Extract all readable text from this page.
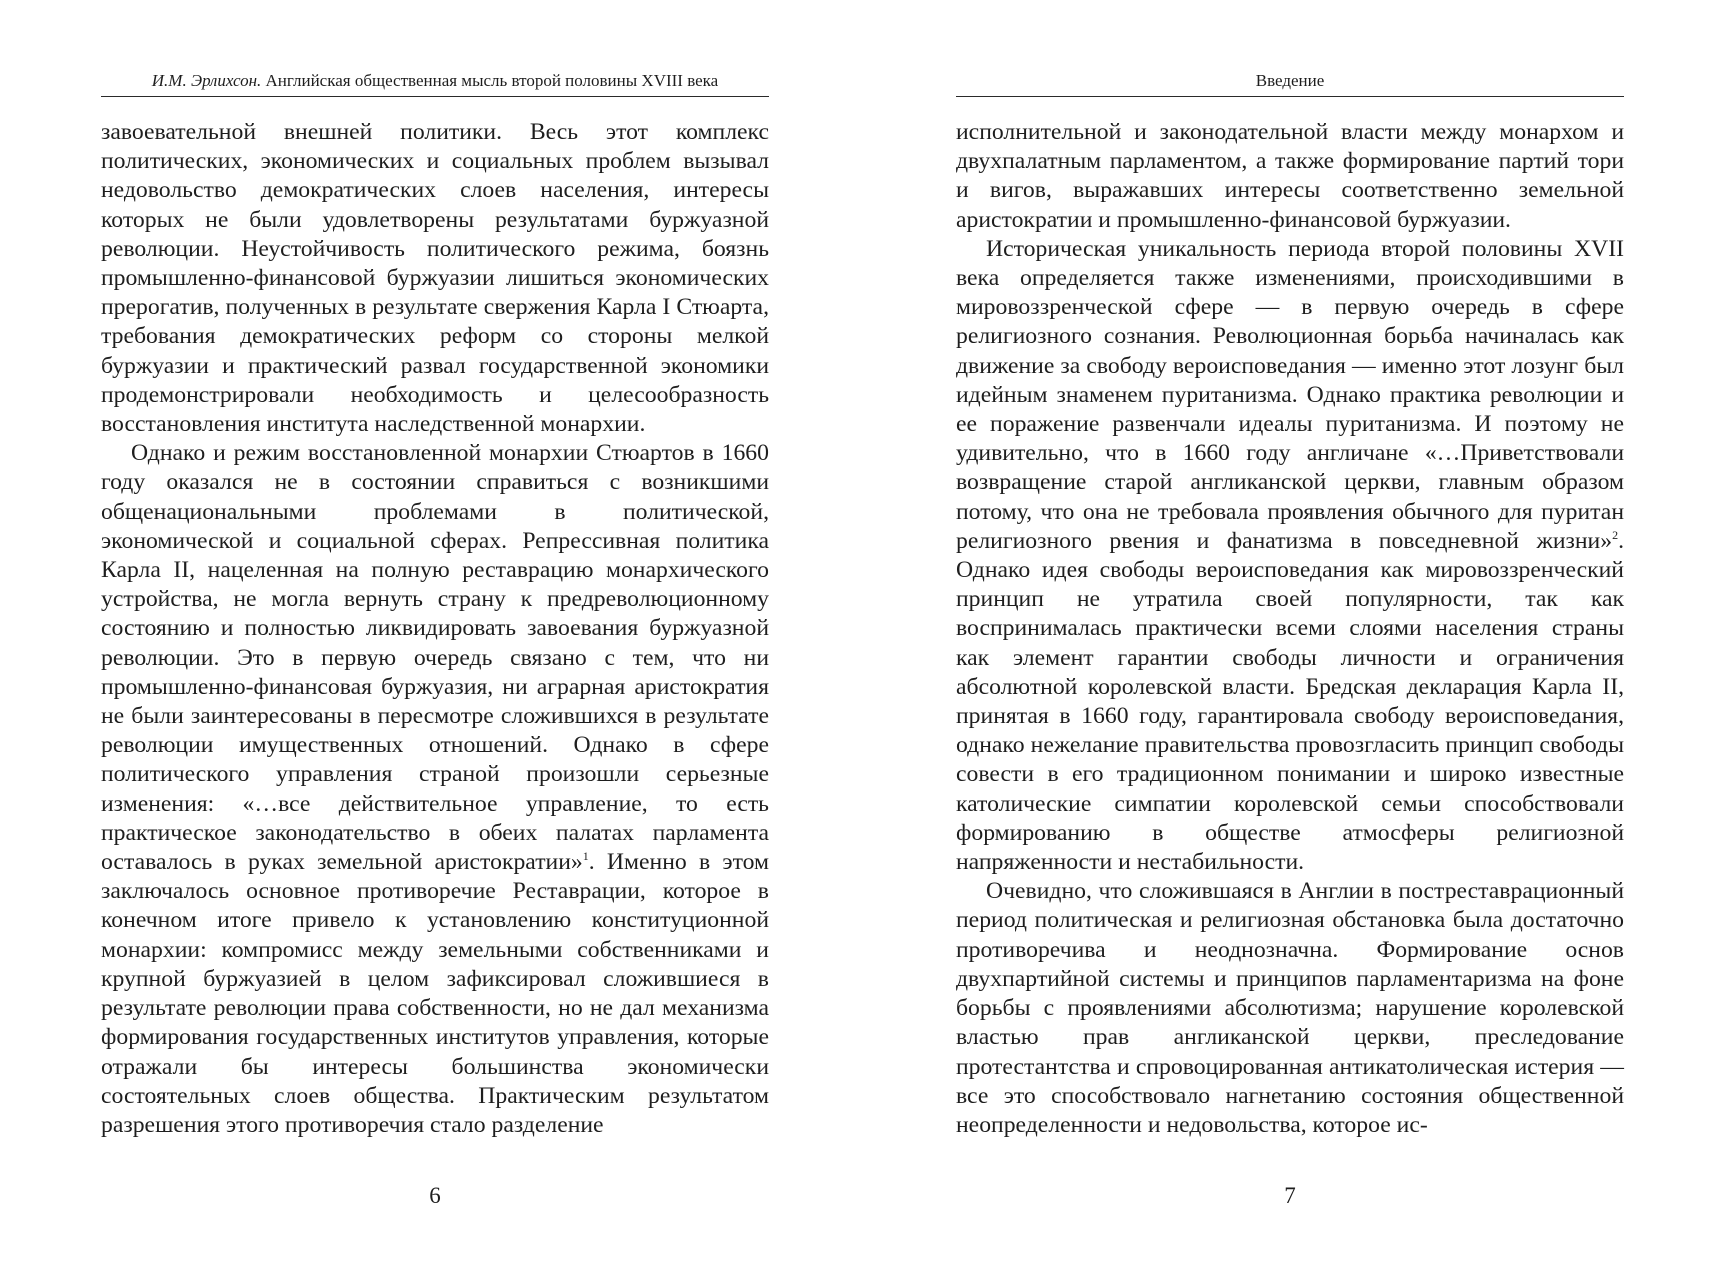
И.М. Эрлихсон. Английская общественная мысль второй половины XVIII века

завоевательной внешней политики. Весь этот комплекс политических, экономических и социальных проблем вызывал недовольство демократических слоев населения, интересы которых не были удовлетворены результатами буржуазной революции. Неустойчивость политического режима, боязнь промышленно-финансовой буржуазии лишиться экономических прерогатив, полученных в результате свержения Карла I Стюарта, требования демократических реформ со стороны мелкой буржуазии и практический развал государственной экономики продемонстрировали необходимость и целесообразность восстановления института наследственной монархии.

Однако и режим восстановленной монархии Стюартов в 1660 году оказался не в состоянии справиться с возникшими общенациональными проблемами в политической, экономической и социальной сферах. Репрессивная политика Карла II, нацеленная на полную реставрацию монархического устройства, не могла вернуть страну к предреволюционному состоянию и полностью ликвидировать завоевания буржуазной революции. Это в первую очередь связано с тем, что ни промышленно-финансовая буржуазия, ни аграрная аристократия не были заинтересованы в пересмотре сложившихся в результате революции имущественных отношений. Однако в сфере политического управления страной произошли серьезные изменения: «…все действительное управление, то есть практическое законодательство в обеих палатах парламента оставалось в руках земельной аристократии»$^1$. Именно в этом заключалось основное противоречие Реставрации, которое в конечном итоге привело к установлению конституционной монархии: компромисс между земельными собственниками и крупной буржуазией в целом зафиксировал сложившиеся в результате революции права собственности, но не дал механизма формирования государственных институтов управления, которые отражали бы интересы большинства экономически состоятельных слоев общества. Практическим результатом разрешения этого противоречия стало разделение

6
Введение

исполнительной и законодательной власти между монархом и двухпалатным парламентом, а также формирование партий тори и вигов, выражавших интересы соответственно земельной аристократии и промышленно-финансовой буржуазии.

Историческая уникальность периода второй половины XVII века определяется также изменениями, происходившими в мировоззренческой сфере — в первую очередь в сфере религиозного сознания. Революционная борьба начиналась как движение за свободу вероисповедания — именно этот лозунг был идейным знаменем пуританизма. Однако практика революции и ее поражение развенчали идеалы пуританизма. И поэтому не удивительно, что в 1660 году англичане «…Приветствовали возвращение старой англиканской церкви, главным образом потому, что она не требовала проявления обычного для пуритан религиозного рвения и фанатизма в повседневной жизни»$^2$. Однако идея свободы вероисповедания как мировоззренческий принцип не утратила своей популярности, так как воспринималась практически всеми слоями населения страны как элемент гарантии свободы личности и ограничения абсолютной королевской власти. Бредская декларация Карла II, принятая в 1660 году, гарантировала свободу вероисповедания, однако нежелание правительства провозгласить принцип свободы совести в его традиционном понимании и широко известные католические симпатии королевской семьи способствовали формированию в обществе атмосферы религиозной напряженности и нестабильности.

Очевидно, что сложившаяся в Англии в постреставрационный период политическая и религиозная обстановка была достаточно противоречива и неоднозначна. Формирование основ двухпартийной системы и принципов парламентаризма на фоне борьбы с проявлениями абсолютизма; нарушение королевской властью прав англиканской церкви, преследование протестантства и спровоцированная антикатолическая истерия — все это способствовало нагнетанию состояния общественной неопределенности и недовольства, которое ис-

7
